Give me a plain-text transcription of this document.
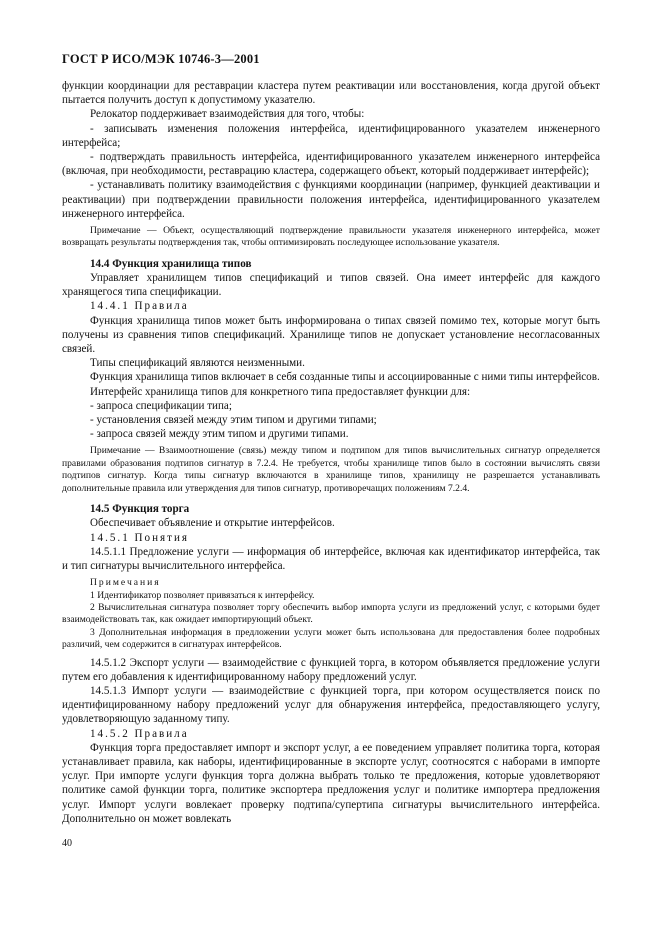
ГОСТ Р ИСО/МЭК 10746-3—2001

функции координации для реставрации кластера путем реактивации или восстановления, когда другой объект пытается получить доступ к допустимому указателю.

Релокатор поддерживает взаимодействия для того, чтобы:

- записывать изменения положения интерфейса, идентифицированного указателем инженерного интерфейса;

- подтверждать правильность интерфейса, идентифицированного указателем инженерного интерфейса (включая, при необходимости, реставрацию кластера, содержащего объект, который поддерживает интерфейс);

- устанавливать политику взаимодействия с функциями координации (например, функцией деактивации и реактивации) при подтверждении правильности положения интерфейса, идентифицированного указателем инженерного интерфейса.

Примечание — Объект, осуществляющий подтверждение правильности указателя инженерного интерфейса, может возвращать результаты подтверждения так, чтобы оптимизировать последующее использование указателя.

14.4 Функция хранилища типов

Управляет хранилищем типов спецификаций и типов связей. Она имеет интерфейс для каждого хранящегося типа спецификации.

14.4.1 Правила

Функция хранилища типов может быть информирована о типах связей помимо тех, которые могут быть получены из сравнения типов спецификаций. Хранилище типов не допускает установление несогласованных связей.

Типы спецификаций являются неизменными.

Функция хранилища типов включает в себя созданные типы и ассоциированные с ними типы интерфейсов.

Интерфейс хранилища типов для конкретного типа предоставляет функции для:

- запроса спецификации типа;

- установления связей между этим типом и другими типами;

- запроса связей между этим типом и другими типами.

Примечание — Взаимоотношение (связь) между типом и подтипом для типов вычислительных сигнатур определяется правилами образования подтипов сигнатур в 7.2.4. Не требуется, чтобы хранилище типов было в состоянии вычислять связи подтипов сигнатур. Когда типы сигнатур включаются в хранилище типов, хранилищу не разрешается устанавливать дополнительные правила или утверждения для типов сигнатур, противоречащих положениям 7.2.4.

14.5 Функция торга

Обеспечивает объявление и открытие интерфейсов.

14.5.1 Понятия

14.5.1.1 Предложение услуги — информация об интерфейсе, включая как идентификатор интерфейса, так и тип сигнатуры вычислительного интерфейса.

Примечания

1 Идентификатор позволяет привязаться к интерфейсу.

2 Вычислительная сигнатура позволяет торгу обеспечить выбор импорта услуги из предложений услуг, с которыми будет взаимодействовать так, как ожидает импортирующий объект.

3 Дополнительная информация в предложении услуги может быть использована для предоставления более подробных различий, чем содержится в сигнатурах интерфейсов.

14.5.1.2 Экспорт услуги — взаимодействие с функцией торга, в котором объявляется предложение услуги путем его добавления к идентифицированному набору предложений услуг.

14.5.1.3 Импорт услуги — взаимодействие с функцией торга, при котором осуществляется поиск по идентифицированному набору предложений услуг для обнаружения интерфейса, предоставляющего услугу, удовлетворяющую заданному типу.

14.5.2 Правила

Функция торга предоставляет импорт и экспорт услуг, а ее поведением управляет политика торга, которая устанавливает правила, как наборы, идентифицированные в экспорте услуг, соотносятся с наборами в импорте услуг. При импорте услуги функция торга должна выбрать только те предложения, которые удовлетворяют политике самой функции торга, политике экспортера предложения услуг и политике импортера предложения услуг. Импорт услуги вовлекает проверку подтипа/супертипа сигнатуры вычислительного интерфейса. Дополнительно он может вовлекать

40
